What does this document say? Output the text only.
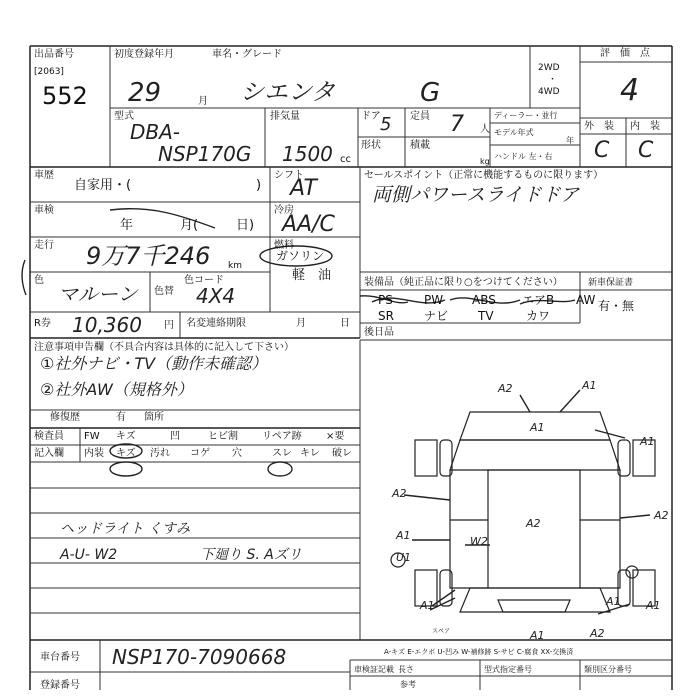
出品番号
[2063]
552
初度登録年月
29	月
車名・グレード
シエンタ	G
2WD
・
4WD
評　価　点
4
型式
DBA-
NSP170G
排気量
1500 cc
ドア 5 定員 7 人
形状	積載
kg
ディーラー・並行
モデル年式
年
ハンドル 左・右
外　装 内　装
C C
車歴
自家用・(	)
シフト
AT
車検
年	月(	日)
冷房
AA/C
走行 9万7千246 km
燃料
ガソリン
軽　油
色
マルーン 色替
色コード
4X4
R券 10,360 円 名変連絡期限	月	日
セールスポイント（正常に機能するものに限ります）
両側パワースライドドア
装備品（純正品に限り○をつけてください）	新車保証書
有・無
PS	PW ABS エアB AW
SR	ナビ TV	カワ
後日品
注意事項申告欄（不具合内容は具体的に記入して下さい）
①社外ナビ・TV（動作未確認）
②社外AW（規格外）
修復歴	有 箇所
検査員
記入欄
FW キズ	凹	ヒビ割 リペア跡 ×要
内装 キズ 汚れ コゲ 穴	スレ キレ 破レ
ヘッドライト くすみ
A-U- W2	下廻り S. Aズリ
A2	A1
A1
A1
A2
A2
W2
A1
U1
A1
A2
A1 A1
A2
A1
スペア
車台番号 NSP170-7090668
登録番号
A-キズ E-エクボ U-凹み W-補修跡 S-サビ C-腐食 XX-交換済
車検証記載 長さ	型式指定番号	類別区分番号
参考
